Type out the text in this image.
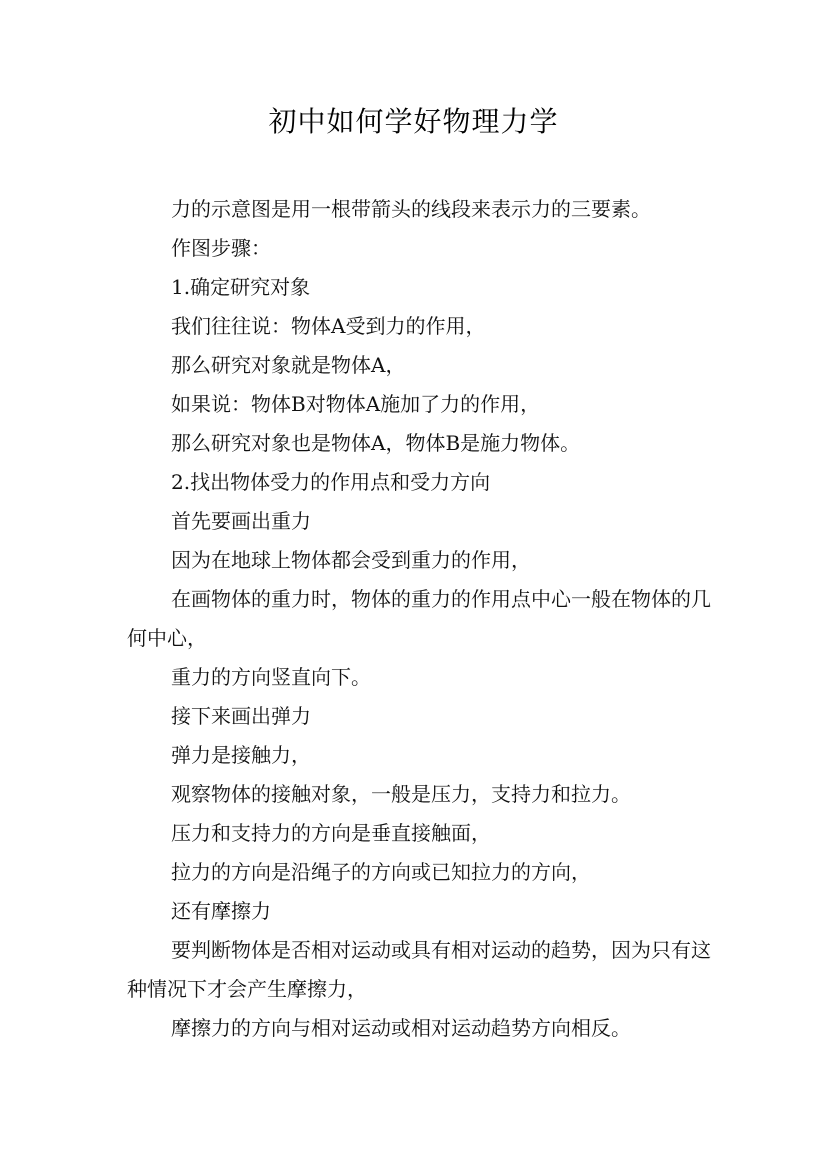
初中如何学好物理力学

力的示意图是用一根带箭头的线段来表示力的三要素。

作图步骤：

1.确定研究对象

我们往往说：物体A受到力的作用，

那么研究对象就是物体A，

如果说：物体B对物体A施加了力的作用，

那么研究对象也是物体A，物体B是施力物体。

2.找出物体受力的作用点和受力方向

首先要画出重力

因为在地球上物体都会受到重力的作用，

在画物体的重力时，物体的重力的作用点中心一般在物体的几何中心，

重力的方向竖直向下。

接下来画出弹力

弹力是接触力，

观察物体的接触对象，一般是压力，支持力和拉力。

压力和支持力的方向是垂直接触面，

拉力的方向是沿绳子的方向或已知拉力的方向，

还有摩擦力

要判断物体是否相对运动或具有相对运动的趋势，因为只有这种情况下才会产生摩擦力，

摩擦力的方向与相对运动或相对运动趋势方向相反。
